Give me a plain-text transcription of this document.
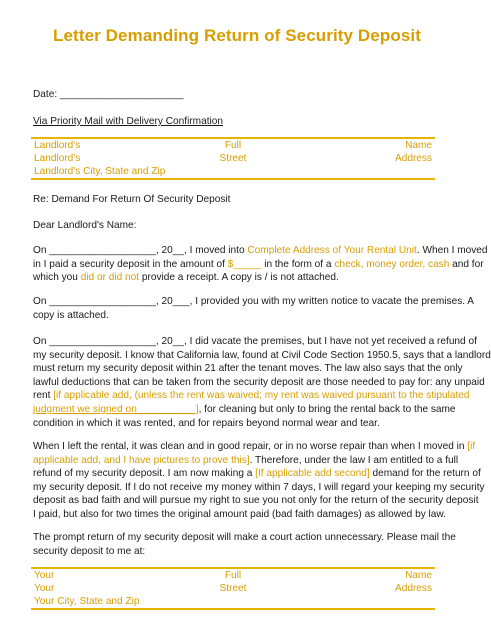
Letter Demanding Return of Security Deposit
Date: ______________________
Via Priority Mail with Delivery Confirmation
Landlord's	Full	Name
Landlord's	Street	Address
Landlord's City, State and Zip
Re: Demand For Return Of Security Deposit
Dear Landlord's Name:
On ___________________, 20__, I moved into Complete Address of Your Rental Unit. When I moved
in I paid a security deposit in the amount of $_____ in the form of a check, money order, cash and for
which you did or did not provide a receipt. A copy is / is not attached.
On ___________________, 20___, I provided you with my written notice to vacate the premises. A
copy is attached.
On ___________________, 20__, I did vacate the premises, but I have not yet received a refund of
my security deposit. I know that California law, found at Civil Code Section 1950.5, says that a landlord
must return my security deposit within 21 after the tenant moves. The law also says that the only
lawful deductions that can be taken from the security deposit are those needed to pay for: any unpaid
rent [if applicable add, (unless the rent was waived; my rent was waived pursuant to the stipulated
judgment we signed on __________], for cleaning but only to bring the rental back to the same
condition in which it was rented, and for repairs beyond normal wear and tear.
When I left the rental, it was clean and in good repair, or in no worse repair than when I moved in [if
applicable add, and I have pictures to prove this]. Therefore, under the law I am entitled to a full
refund of my security deposit. I am now making a [If applicable add second] demand for the return of
my security deposit. If I do not receive my money within 7 days, I will regard your keeping my security
deposit as bad faith and will pursue my right to sue you not only for the return of the security deposit
I paid, but also for two times the original amount paid (bad faith damages) as allowed by law.
The prompt return of my security deposit will make a court action unnecessary. Please mail the
security deposit to me at:
Your	Full	Name
Your	Street	Address
Your City, State and Zip
